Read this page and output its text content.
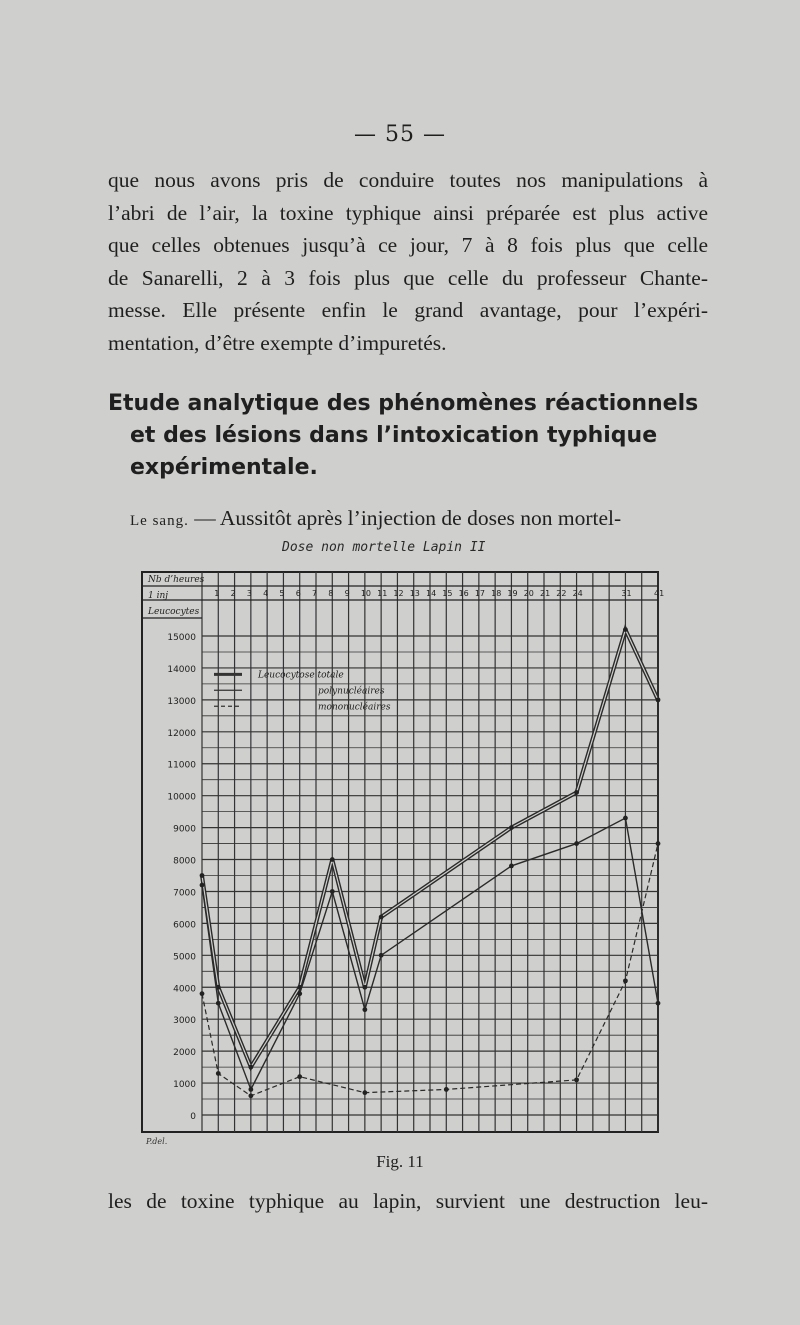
— 55 —
que nous avons pris de conduire toutes nos manipulations à
l’abri de l’air, la toxine typhique ainsi préparée est plus active
que celles obtenues jusqu’à ce jour, 7 à 8 fois plus que celle
de Sanarelli, 2 à 3 fois plus que celle du professeur Chante-
messe. Elle présente enfin le grand avantage, pour l’expéri-
mentation, d’être exempte d’impuretés.
Etude analytique des phénomènes réactionnels
et des lésions dans l’intoxication typhique
expérimentale.
Le sang. — Aussitôt après l’injection de doses non mortel-
Dose non mortelle Lapin II
Nb d’heures
1 inj
Leucocytes
1 2 3 4 5 6 7 8 9 10 11 12 13 14 15 16 17 18 19 20 21 22 24	31	41
15000
14000
13000
12000
11000
10000
9000
8000
7000
6000
5000
4000
3000
2000
1000
0
Leucocytose totale
polynucléaires
mononucléaires
P.del.
Fig. 11
les de toxine typhique au lapin, survient une destruction leu-
